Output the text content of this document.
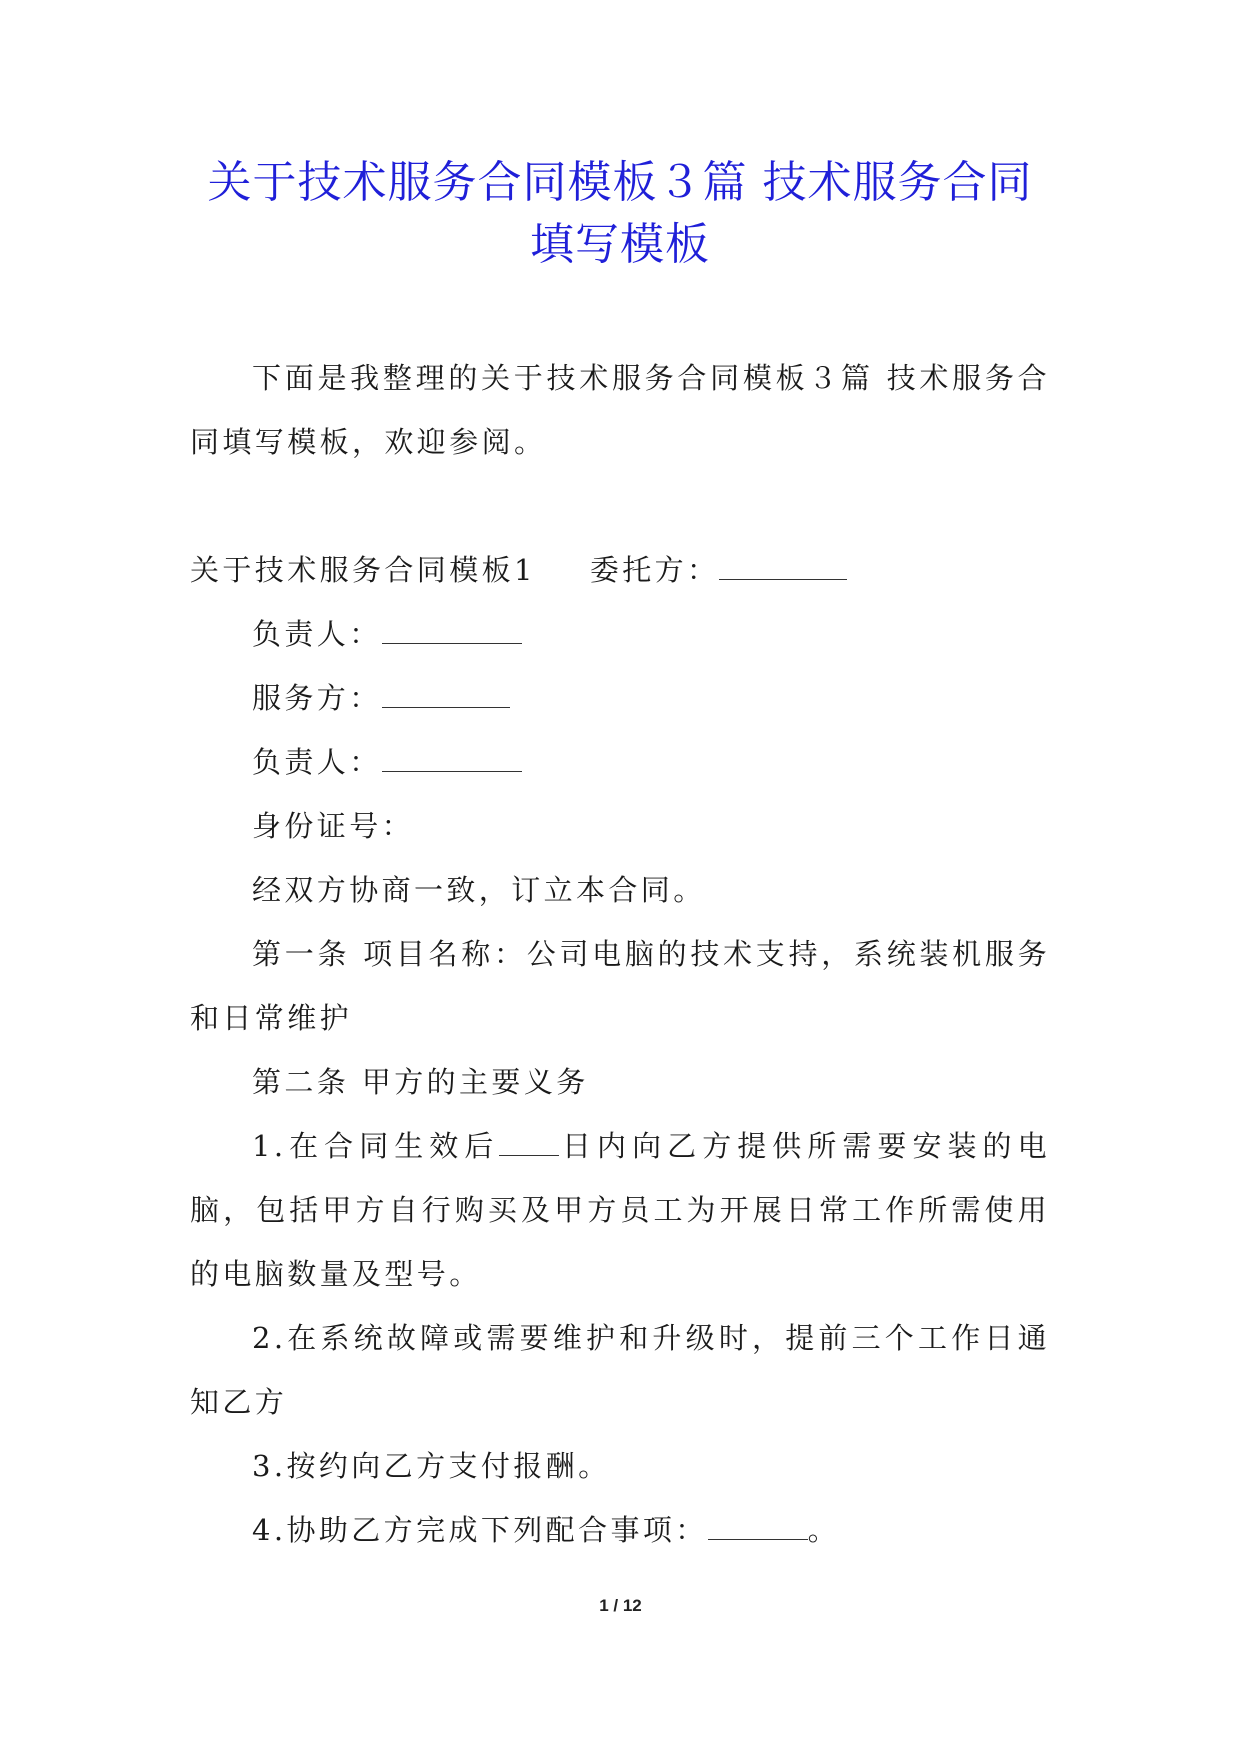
关于技术服务合同模板３篇 技术服务合同
填写模板

下面是我整理的关于技术服务合同模板３篇 技术服务合同填写模板，欢迎参阅。

关于技术服务合同模板1 委托方：

负责人：

服务方：

负责人：

身份证号：

经双方协商一致，订立本合同。

第一条 项目名称：公司电脑的技术支持，系统装机服务和日常维护

第二条 甲方的主要义务

1.在合同生效后 日内向乙方提供所需要安装的电脑，包括甲方自行购买及甲方员工为开展日常工作所需使用的电脑数量及型号。

2.在系统故障或需要维护和升级时，提前三个工作日通知乙方

3.按约向乙方支付报酬。

4.协助乙方完成下列配合事项：	。

1 / 12
